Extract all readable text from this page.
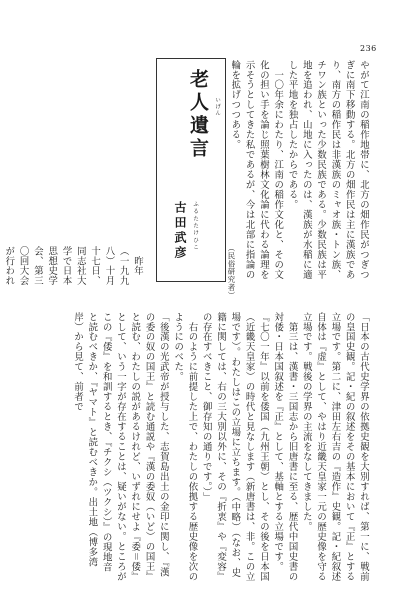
236
やがて江南の稲作地帯に、北方の畑作民がつぎつぎに南下移動する。北方の畑作民は主に漢族であり、南方の稲作民は非漢族のミャオ族・トン族、チワン族といった少数民族である。少数民族は平地を追われ、山地に入ったのは、漢族が水稲に適した平地を独占したからである。
　一〇年余にわたり、江南の稲作文化と、その文化の担い手を論じ照葉樹林文化論に代わる論理を示そうとしてきた私であるが、今は北部に指論の輪を拡げつつある。
（民俗研究者）
老人遺言 いげん
古田武彦 ふるたたけひこ
　昨年（一九九八）十月十七日、同志社大学で日本思想史学会、第三〇回大会が行われ
「日本の古代史学界の依拠史観を大別すれば、第一に、戦前の皇国史観。記・紀の叙述をその基本において『正』とする立場です。第二に、津田左右吉の『造作』史観。記・紀叙述自体は『虚』として、やはり近畿天皇家一元の歴史像を守る立場です。戦後の学界の主流をなしてきました。
　第三は、漢書・三国志から旧唐書に至る、歴代中国史書の対倭・日本国叙述を『正』として、基軸とする立場です。『七〇一年』以前を倭国（九州王朝）とし、その後を日本国（近畿天皇家）の時代と見なします（新唐書は、非。この立場です）。わたしはこの立場に立ちます。（中略）（なお、史籍に関しては、右の三大別以外に、その『折衷』や『変容』の存在すべきこと、御存知の通りです。）」
　右のように前提した上で、わたしの依拠する歴史像を次のようにのべた。
「後漢の光武帝が授与した、志賀島出土の金印に関し、『漢の委の奴の国王』と読む通説や『漢の委奴（いど）の国王』と読む、わたしの説があるけれど、いずれにせよ『委＝倭』として、いう一字が存在することは、疑いがない。ところがこの『倭』を和訓するとき、『チクシ（ツクシ）』の現地音と読むべきか、『ヤマト』と読むべきか。出土地（博多湾岸）から見て、前者で
